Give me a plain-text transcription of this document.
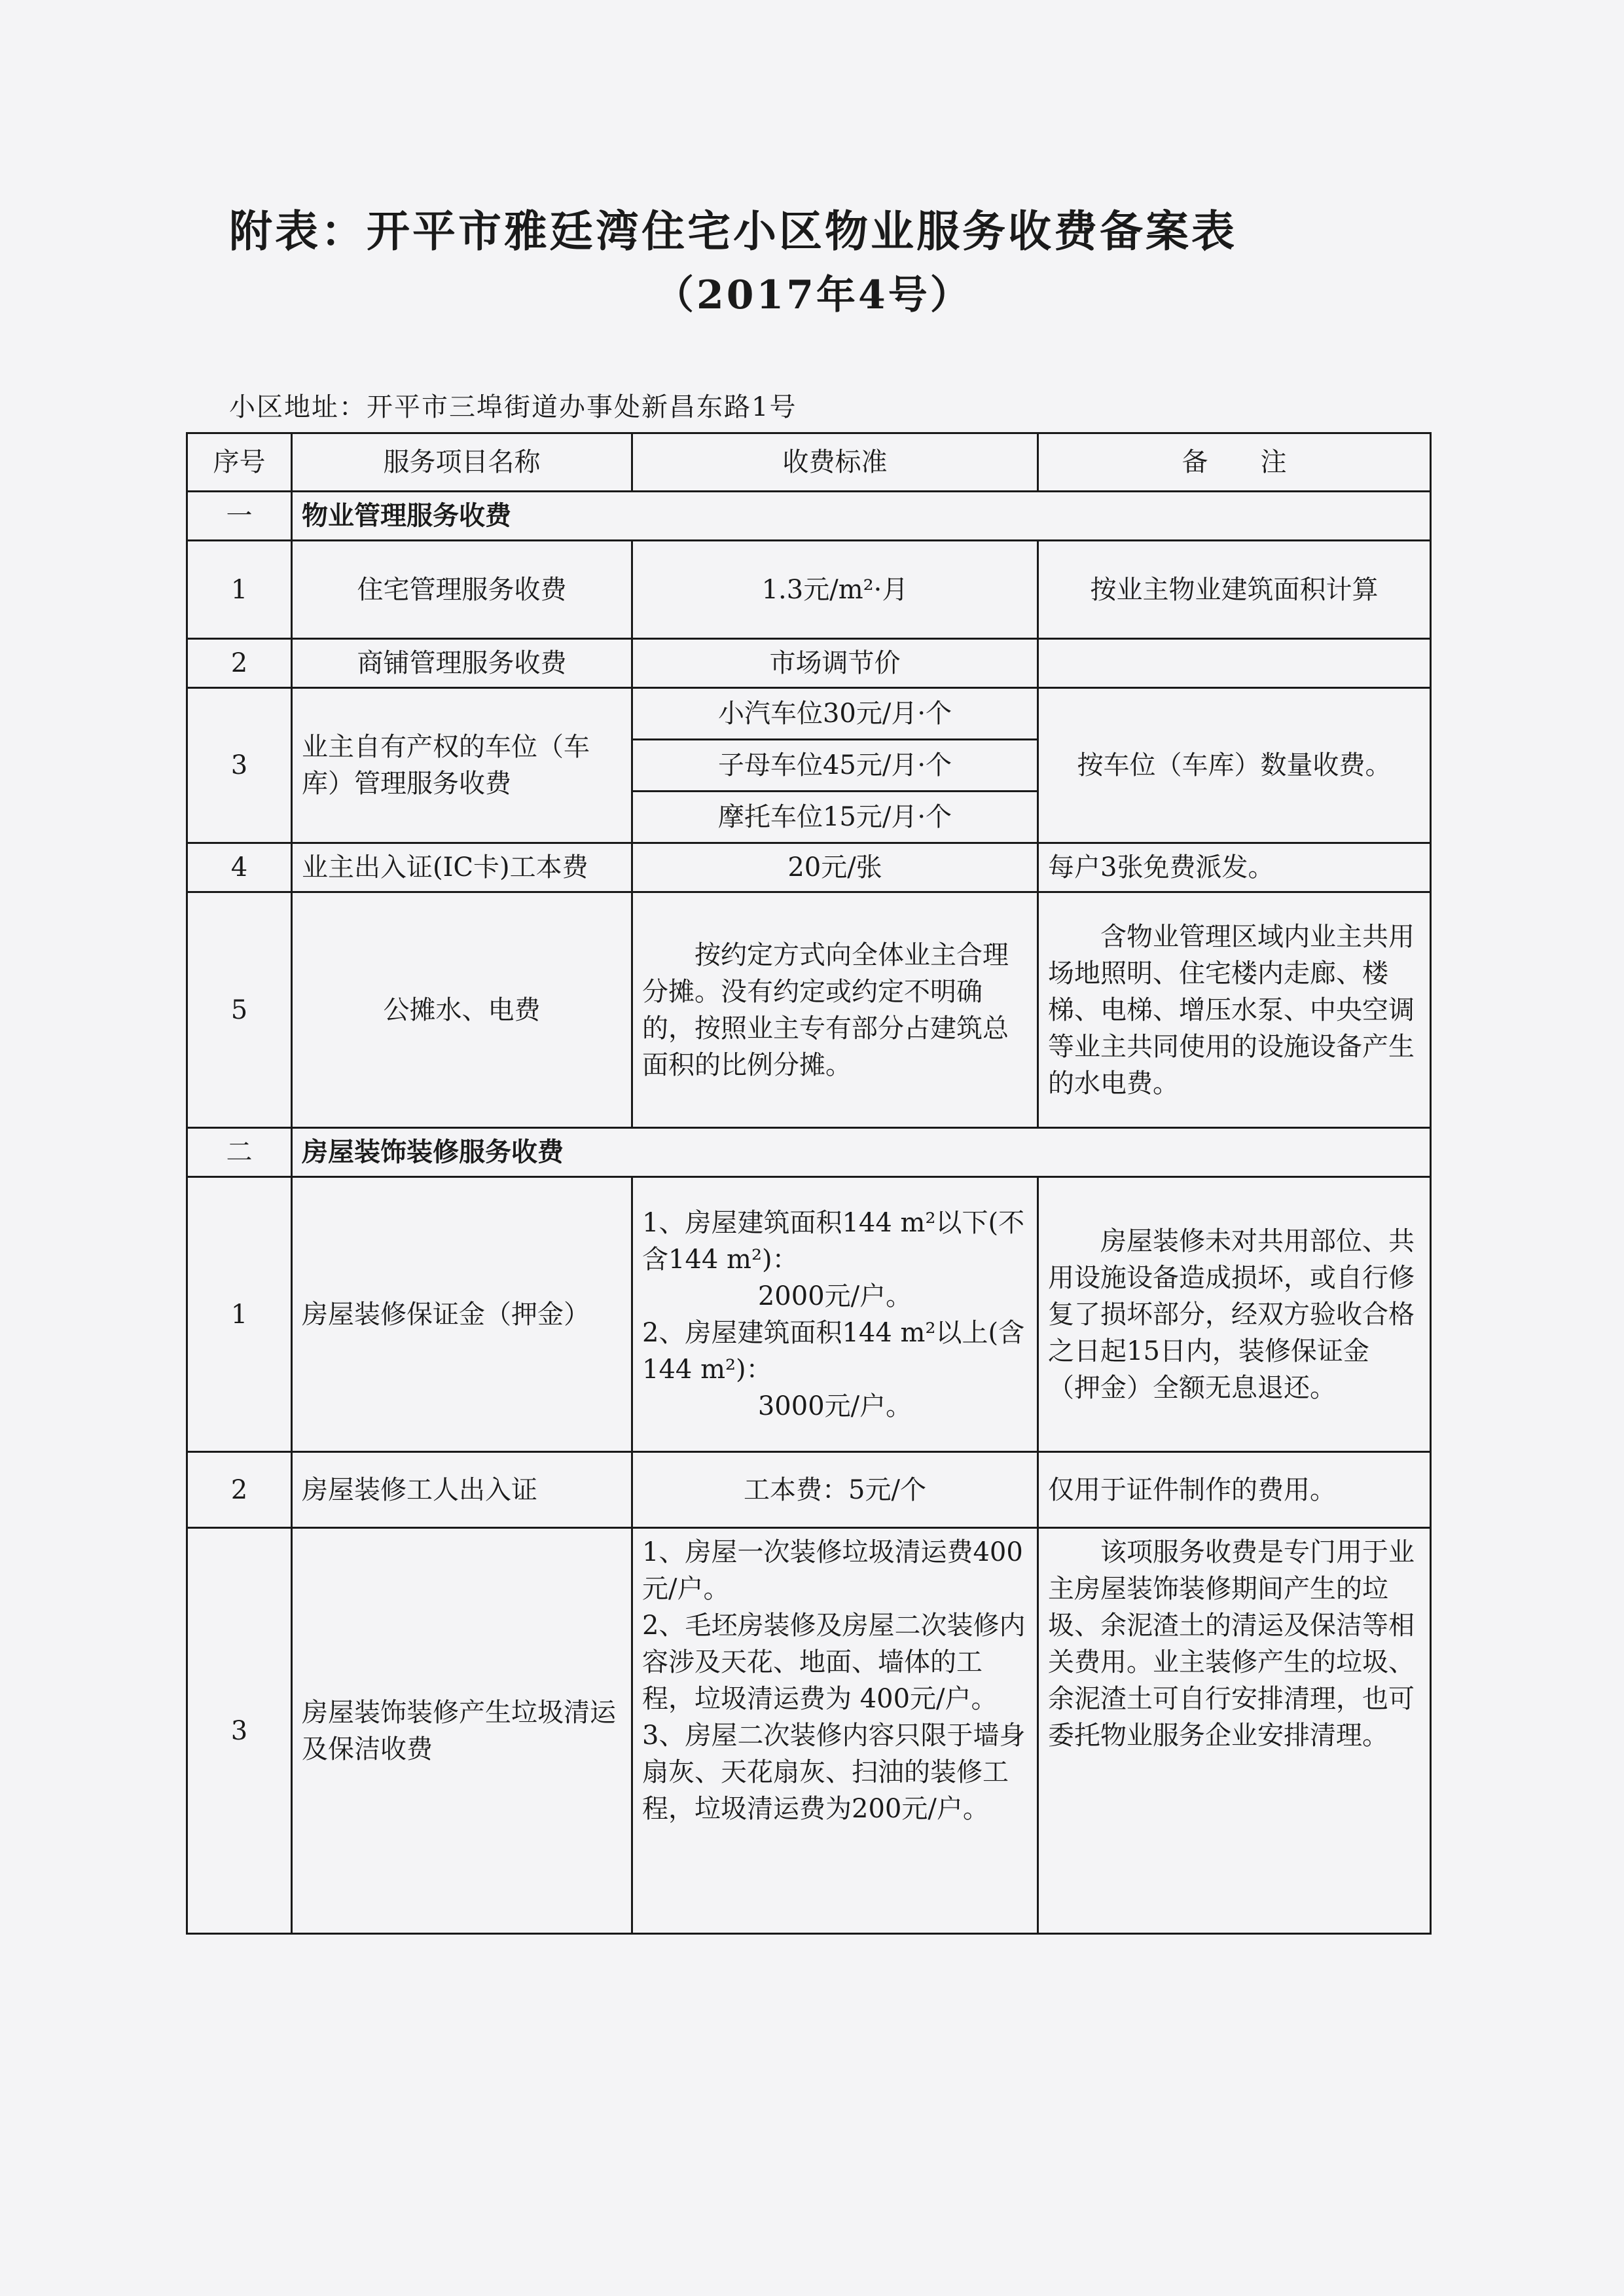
附表：开平市雅廷湾住宅小区物业服务收费备案表
（2017年4号）
小区地址：开平市三埠街道办事处新昌东路1号
序号	服务项目名称	收费标准	备　　注
一	物业管理服务收费		
1	住宅管理服务收费	1.3元/m²·月	按业主物业建筑面积计算
2	商铺管理服务收费	市场调节价	
3	业主自有产权的车位（车库）管理服务收费	小汽车位30元/月·个	按车位（车库）数量收费。
		子母车位45元/月·个	
		摩托车位15元/月·个	
4	业主出入证(IC卡)工本费	20元/张	每户3张免费派发。
5	公摊水、电费	按约定方式向全体业主合理分摊。没有约定或约定不明确的，按照业主专有部分占建筑总面积的比例分摊。	含物业管理区域内业主共用场地照明、住宅楼内走廊、楼梯、电梯、增压水泵、中央空调等业主共同使用的设施设备产生的水电费。
二	房屋装饰装修服务收费		
1	房屋装修保证金（押金）	1、房屋建筑面积144 m²以下(不含144 m²)：
2000元/户。
2、房屋建筑面积144 m²以上(含144 m²)：
3000元/户。	房屋装修未对共用部位、共用设施设备造成损坏，或自行修复了损坏部分，经双方验收合格之日起15日内，装修保证金（押金）全额无息退还。
2	房屋装修工人出入证	工本费：5元/个	仅用于证件制作的费用。
3	房屋装饰装修产生垃圾清运及保洁收费	1、房屋一次装修垃圾清运费400元/户。
2、毛坯房装修及房屋二次装修内容涉及天花、地面、墙体的工程，垃圾清运费为 400元/户。
3、房屋二次装修内容只限于墙身扇灰、天花扇灰、扫油的装修工程，垃圾清运费为200元/户。	该项服务收费是专门用于业主房屋装饰装修期间产生的垃圾、余泥渣土的清运及保洁等相关费用。业主装修产生的垃圾、余泥渣土可自行安排清理，也可委托物业服务企业安排清理。
